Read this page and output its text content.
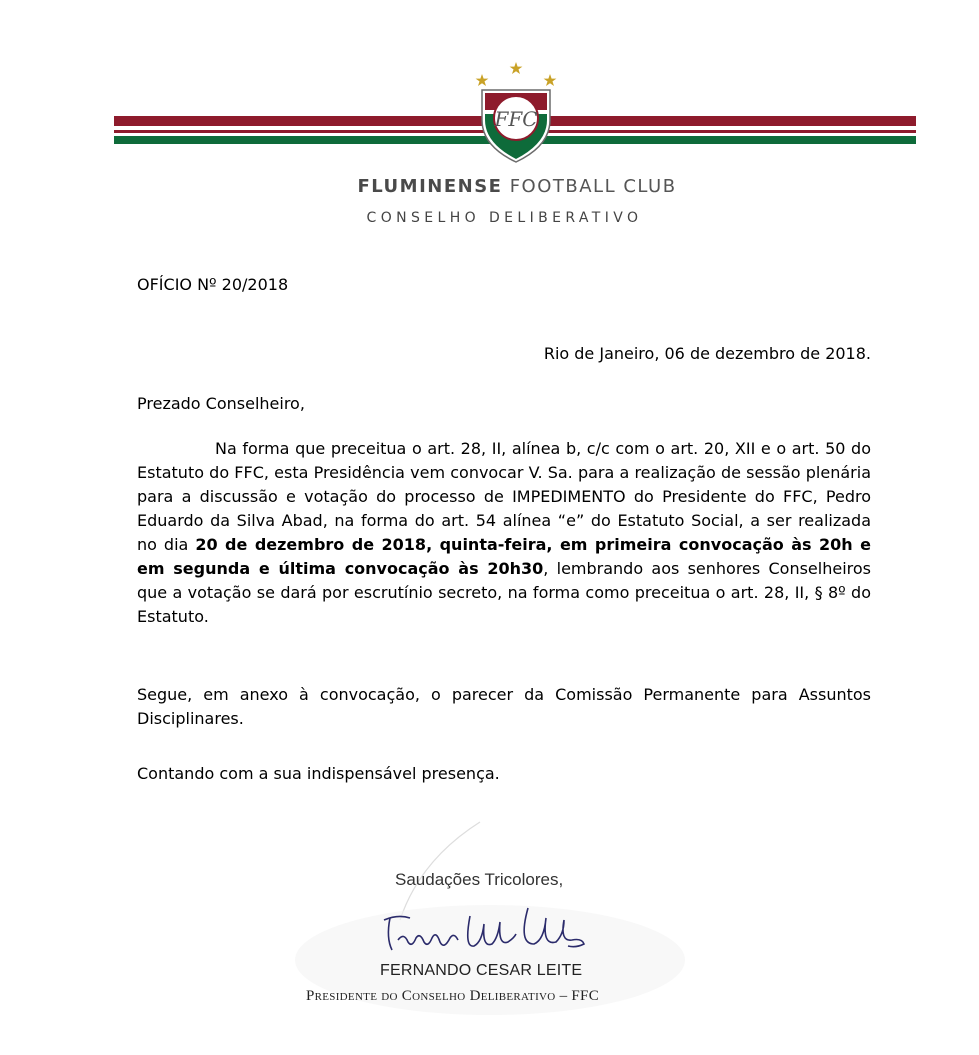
FFC
FLUMINENSE FOOTBALL CLUB
CONSELHO DELIBERATIVO
OFÍCIO Nº 20/2018
Rio de Janeiro, 06 de dezembro de 2018.
Prezado Conselheiro,
Na forma que preceitua o art. 28, II, alínea b, c/c com o art. 20, XII e o art. 50 do Estatuto do FFC, esta Presidência vem convocar V. Sa. para a realização de sessão plenária para a discussão e votação do processo de IMPEDIMENTO do Presidente do FFC, Pedro Eduardo da Silva Abad, na forma do art. 54 alínea “e” do Estatuto Social, a ser realizada no dia 20 de dezembro de 2018, quinta-feira, em primeira convocação às 20h e em segunda e última convocação às 20h30, lembrando aos senhores Conselheiros que a votação se dará por escrutínio secreto, na forma como preceitua o art. 28, II, § 8º do Estatuto.
Segue, em anexo à convocação, o parecer da Comissão Permanente para Assuntos Disciplinares.
Contando com a sua indispensável presença.
Saudações Tricolores,
FERNANDO CESAR LEITE
Presidente do Conselho Deliberativo – FFC
